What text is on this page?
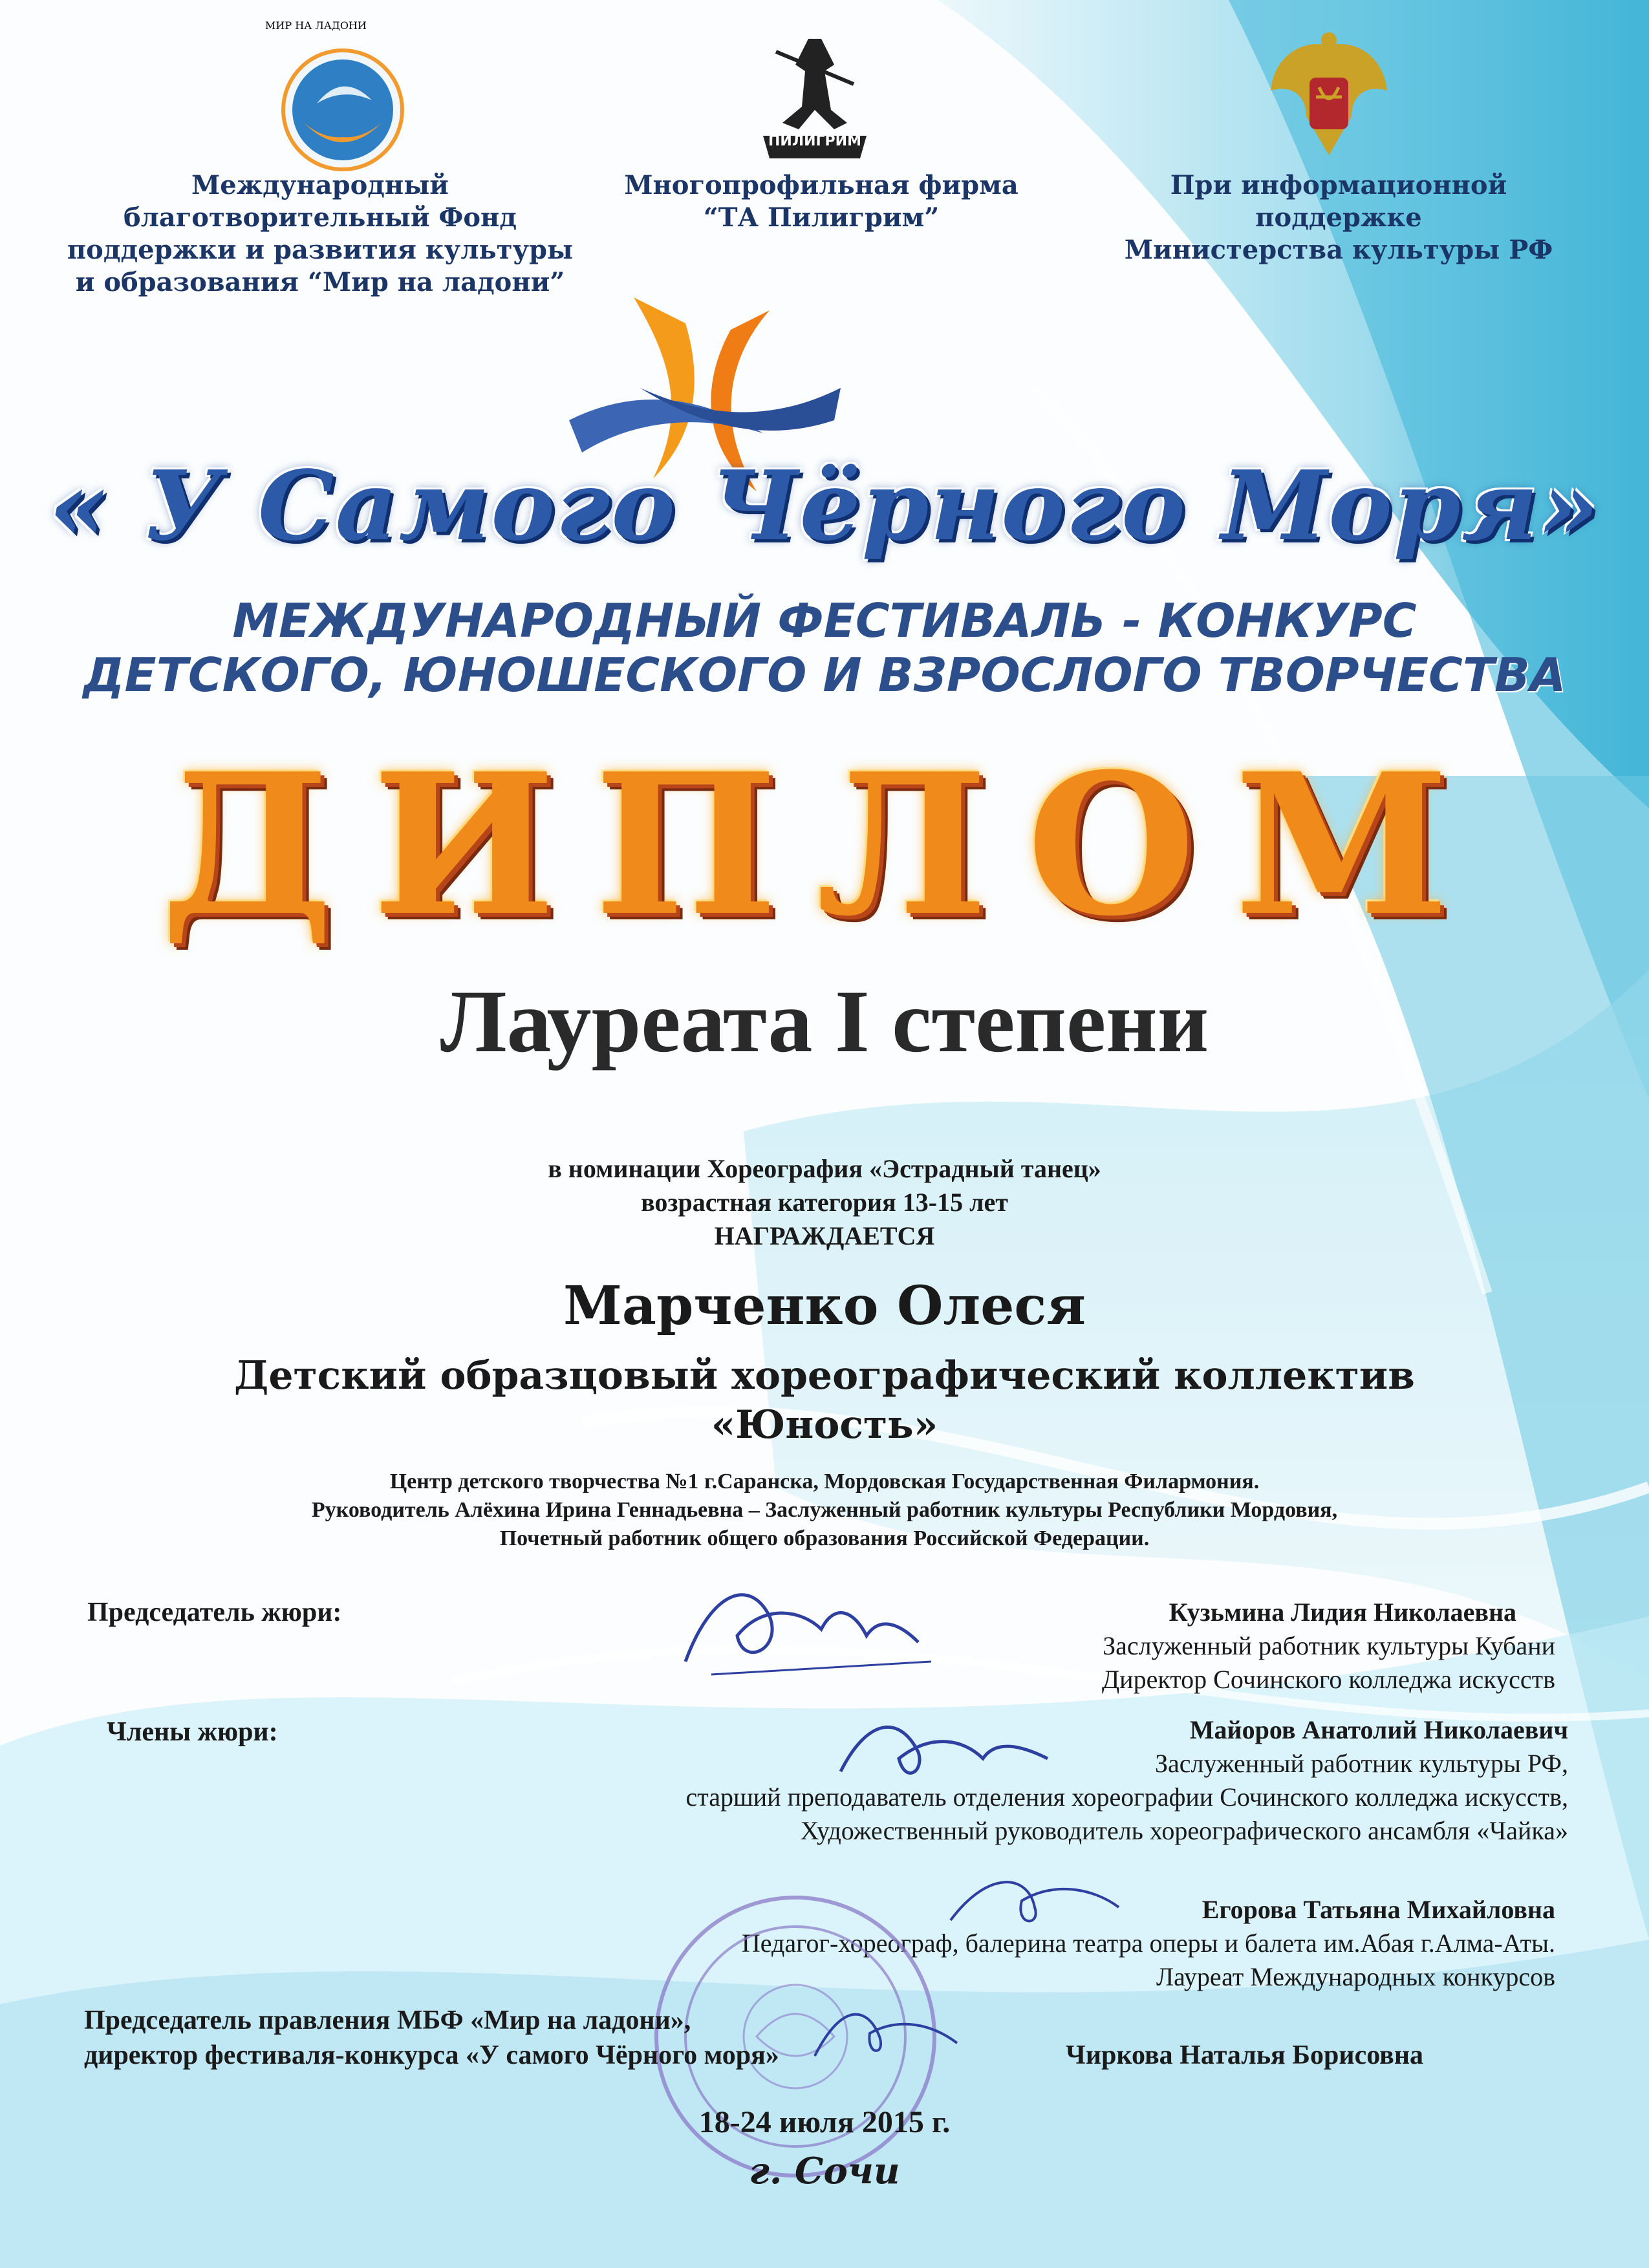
МИР НА ЛАДОНИ
ПИЛИГРИМ
Международный
благотворительный Фонд
поддержки и развития культуры
и образования “Мир на ладони”
Многопрофильная фирма
“ТА Пилигрим”
При информационной
поддержке
Министерства культуры РФ
« У Самого Чёрного Моря»
МЕЖДУНАРОДНЫЙ ФЕСТИВАЛЬ - КОНКУРС
ДЕТСКОГО, ЮНОШЕСКОГО И ВЗРОСЛОГО ТВОРЧЕСТВА
ДИПЛОМ
Лауреата I степени
в номинации Хореография «Эстрадный танец»
возрастная категория 13-15 лет
НАГРАЖДАЕТСЯ
Марченко Олеся
Детский образцовый хореографический коллектив
«Юность»
Центр детского творчества №1 г.Саранска, Мордовская Государственная Филармония.
Руководитель Алёхина Ирина Геннадьевна – Заслуженный работник культуры Республики Мордовия,
Почетный работник общего образования Российской Федерации.
Председатель жюри:
Члены жюри:
Кузьмина Лидия Николаевна
Заслуженный работник культуры Кубани
Директор Сочинского колледжа искусств
Майоров Анатолий Николаевич
Заслуженный работник культуры РФ,
старший преподаватель отделения хореографии Сочинского колледжа искусств,
Художественный руководитель хореографического ансамбля «Чайка»
Егорова Татьяна Михайловна
Педагог-хореограф, балерина театра оперы и балета им.Абая г.Алма-Аты.
Лауреат Международных конкурсов
Председатель правления МБФ «Мир на ладони»,
директор фестиваля-конкурса «У самого Чёрного моря»	Чиркова Наталья Борисовна
18-24 июля 2015 г.
г. Сочи
